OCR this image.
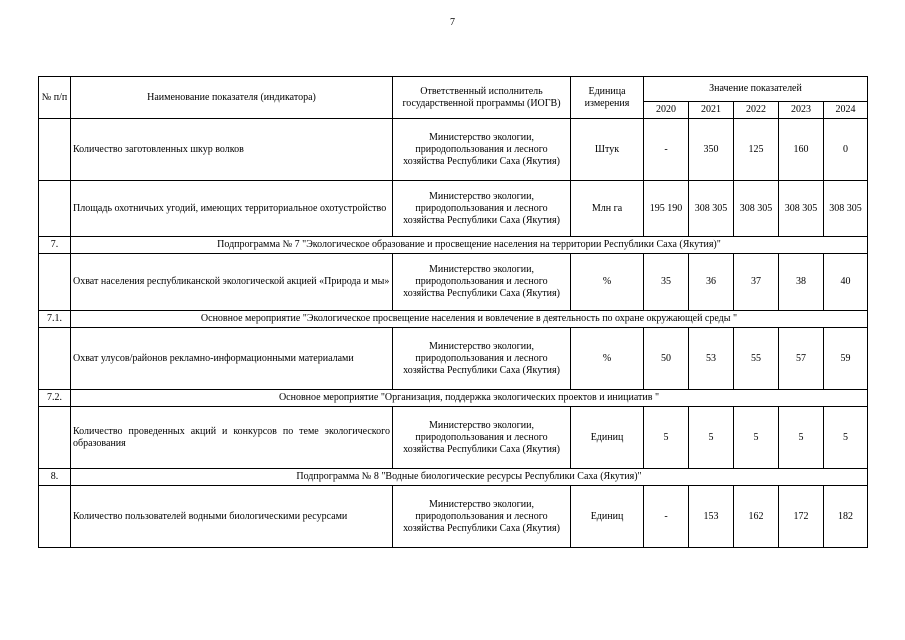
7
№ п/п	Наименование показателя (индикатора)	Ответственный исполнитель государственной программы (ИОГВ)	Единица измерения	Значение показателей				
				2020	2021	2022	2023	2024
	Количество заготовленных шкур волков	Министерство экологии, природопользования и лесного хозяйства Республики Саха (Якутия)	Штук	-	350	125	160	0
	Площадь охотничьих угодий, имеющих территориальное охотустройство	Министерство экологии, природопользования и лесного хозяйства Республики Саха (Якутия)	Млн га	195 190	308 305	308 305	308 305	308 305
7.	Подпрограмма № 7 "Экологическое образование и просвещение населения на территории Республики Саха (Якутия)"							
	Охват населения республиканской экологической акцией «Природа и мы»	Министерство экологии, природопользования и лесного хозяйства Республики Саха (Якутия)	%	35	36	37	38	40
7.1.	Основное мероприятие "Экологическое просвещение населения и вовлечение в деятельность по охране окружающей среды "							
	Охват улусов/районов рекламно-информационными материалами	Министерство экологии, природопользования и лесного хозяйства Республики Саха (Якутия)	%	50	53	55	57	59
7.2.	Основное мероприятие "Организация, поддержка экологических проектов и инициатив "							
	Количество проведенных акций и конкурсов по теме экологического образования	Министерство экологии, природопользования и лесного хозяйства Республики Саха (Якутия)	Единиц	5	5	5	5	5
8.	Подпрограмма № 8 "Водные биологические ресурсы Республики Саха (Якутия)"							
	Количество пользователей водными биологическими ресурсами	Министерство экологии, природопользования и лесного хозяйства Республики Саха (Якутия)	Единиц	-	153	162	172	182
